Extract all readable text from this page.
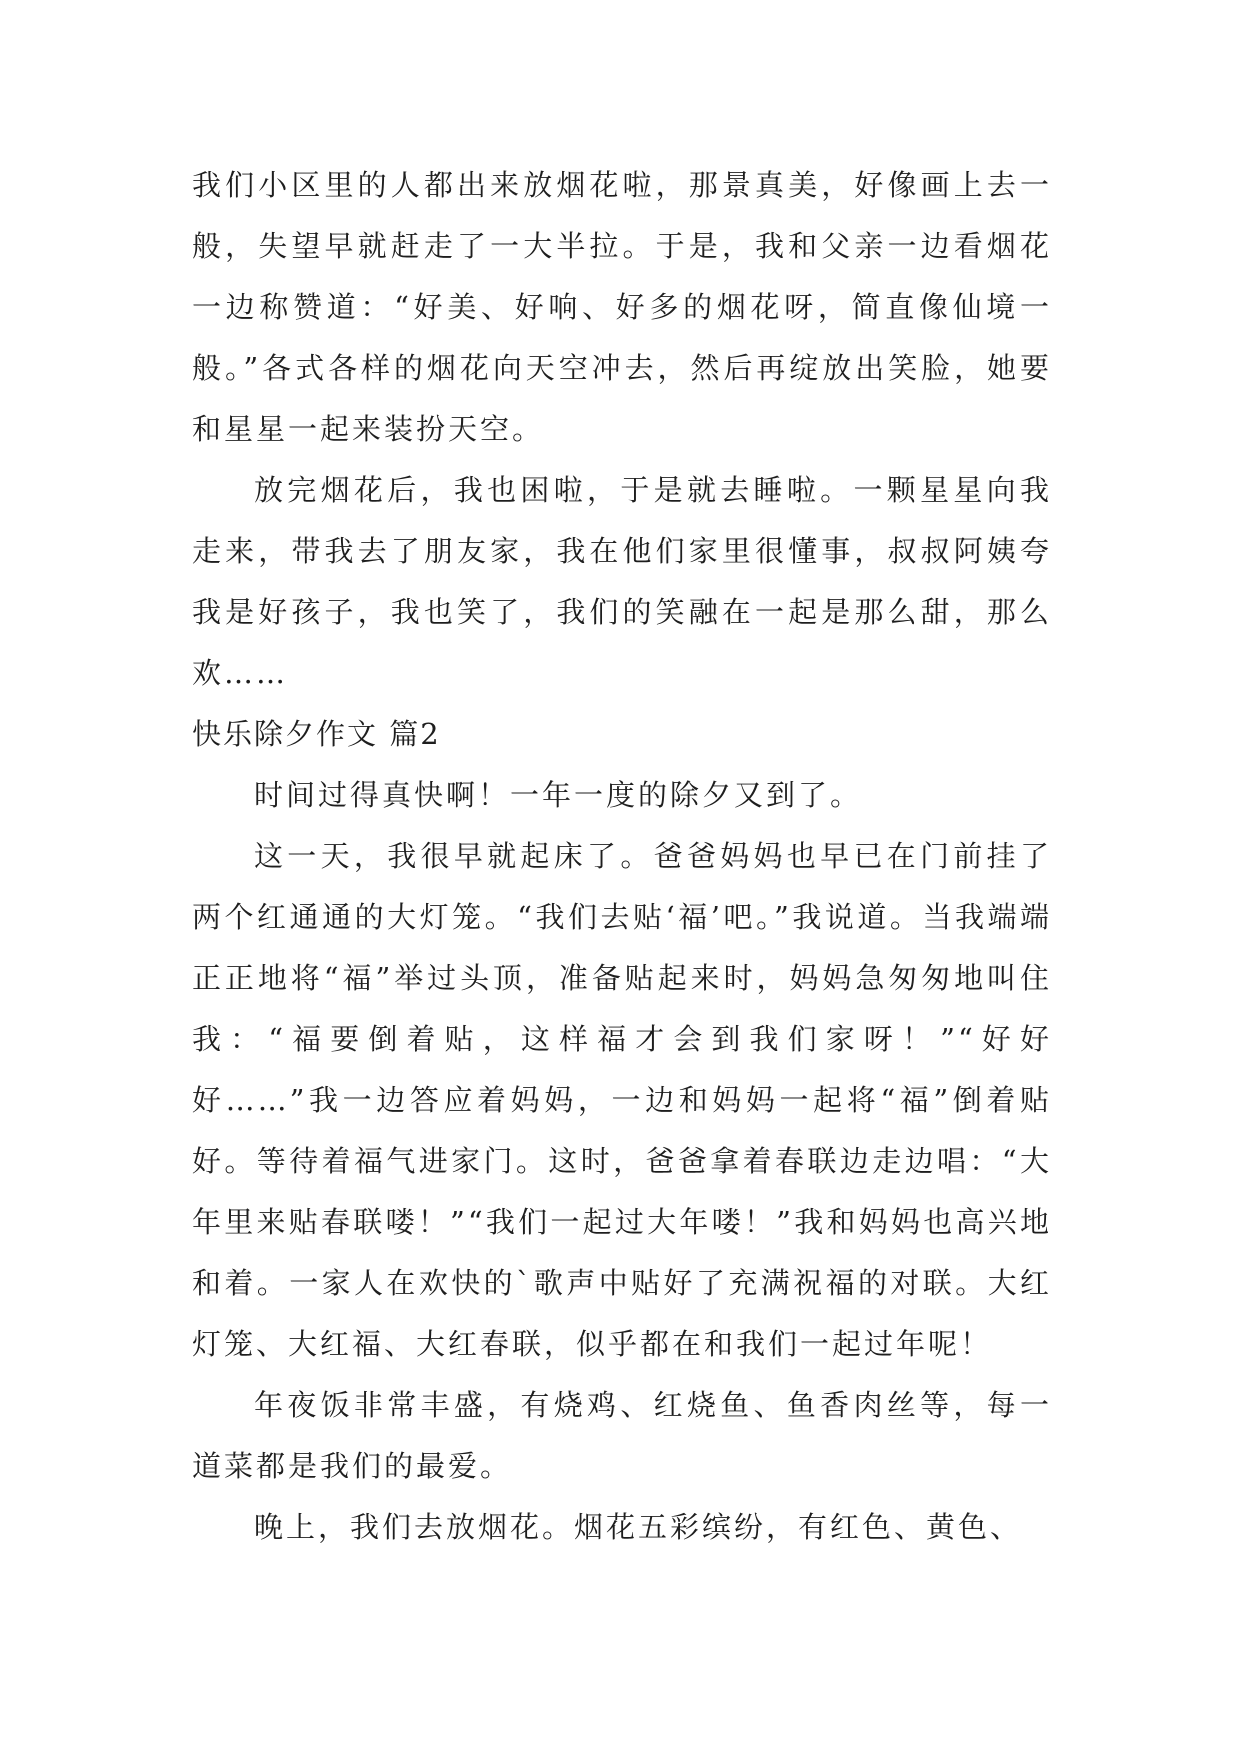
我们小区里的人都出来放烟花啦，那景真美，好像画上去一般，失望早就赶走了一大半拉。于是，我和父亲一边看烟花一边称赞道：“好美、好响、好多的烟花呀，简直像仙境一般。”各式各样的烟花向天空冲去，然后再绽放出笑脸，她要和星星一起来装扮天空。

放完烟花后，我也困啦，于是就去睡啦。一颗星星向我走来，带我去了朋友家，我在他们家里很懂事，叔叔阿姨夸我是好孩子，我也笑了，我们的笑融在一起是那么甜，那么欢……

快乐除夕作文 篇2

时间过得真快啊！一年一度的除夕又到了。

这一天，我很早就起床了。爸爸妈妈也早已在门前挂了两个红通通的大灯笼。“我们去贴‘福’吧。”我说道。当我端端正正地将“福”举过头顶，准备贴起来时，妈妈急匆匆地叫住我：“福要倒着贴，这样福才会到我们家呀！”“好好好……”我一边答应着妈妈，一边和妈妈一起将“福”倒着贴好。等待着福气进家门。这时，爸爸拿着春联边走边唱：“大年里来贴春联喽！”“我们一起过大年喽！”我和妈妈也高兴地和着。一家人在欢快的`歌声中贴好了充满祝福的对联。大红灯笼、大红福、大红春联，似乎都在和我们一起过年呢！

年夜饭非常丰盛，有烧鸡、红烧鱼、鱼香肉丝等，每一道菜都是我们的最爱。

晚上，我们去放烟花。烟花五彩缤纷，有红色、黄色、
